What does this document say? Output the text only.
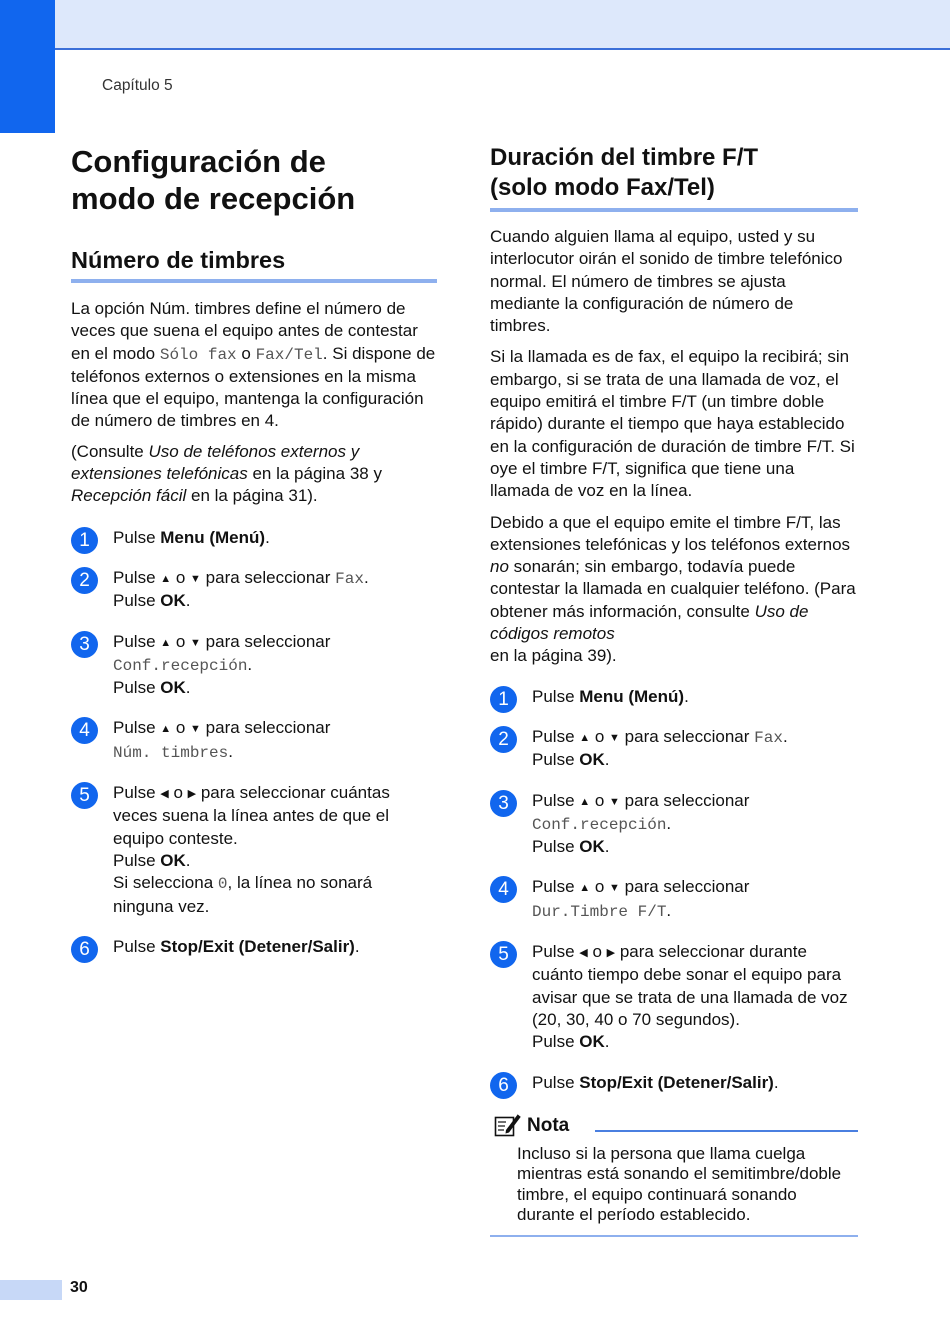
Capítulo 5
Configuración de
modo de recepción
Número de timbres

La opción Núm. timbres define el número de veces que suena el equipo antes de contestar en el modo Sólo fax o Fax/Tel. Si dispone de teléfonos externos o extensiones en la misma línea que el equipo, mantenga la configuración de número de timbres en 4.

(Consulte Uso de teléfonos externos y extensiones telefónicas en la página 38 y Recepción fácil en la página 31).

1	Pulse Menu (Menú).
2	Pulse ▲ o ▼ para seleccionar Fax.
Pulse OK.
3	Pulse ▲ o ▼ para seleccionar
Conf.recepción.
Pulse OK.
4	Pulse ▲ o ▼ para seleccionar
Núm. timbres.
5	Pulse ◀ o ▶ para seleccionar cuántas veces suena la línea antes de que el equipo conteste.
Pulse OK.
Si selecciona 0, la línea no sonará ninguna vez.
6	Pulse Stop/Exit (Detener/Salir).
Duración del timbre F/T
(solo modo Fax/Tel)

Cuando alguien llama al equipo, usted y su interlocutor oirán el sonido de timbre telefónico normal. El número de timbres se ajusta mediante la configuración de número de timbres.

Si la llamada es de fax, el equipo la recibirá; sin embargo, si se trata de una llamada de voz, el equipo emitirá el timbre F/T (un timbre doble rápido) durante el tiempo que haya establecido en la configuración de duración de timbre F/T. Si oye el timbre F/T, significa que tiene una llamada de voz en la línea.

Debido a que el equipo emite el timbre F/T, las extensiones telefónicas y los teléfonos externos no sonarán; sin embargo, todavía puede contestar la llamada en cualquier teléfono. (Para obtener más información, consulte Uso de códigos remotos
en la página 39).

1	Pulse Menu (Menú).
2	Pulse ▲ o ▼ para seleccionar Fax.
Pulse OK.
3	Pulse ▲ o ▼ para seleccionar
Conf.recepción.
Pulse OK.
4	Pulse ▲ o ▼ para seleccionar
Dur.Timbre F/T.
5	Pulse ◀ o ▶ para seleccionar durante cuánto tiempo debe sonar el equipo para avisar que se trata de una llamada de voz (20, 30, 40 o 70 segundos).
Pulse OK.
6	Pulse Stop/Exit (Detener/Salir).
Nota
Incluso si la persona que llama cuelga mientras está sonando el semitimbre/doble timbre, el equipo continuará sonando durante el período establecido.
30
